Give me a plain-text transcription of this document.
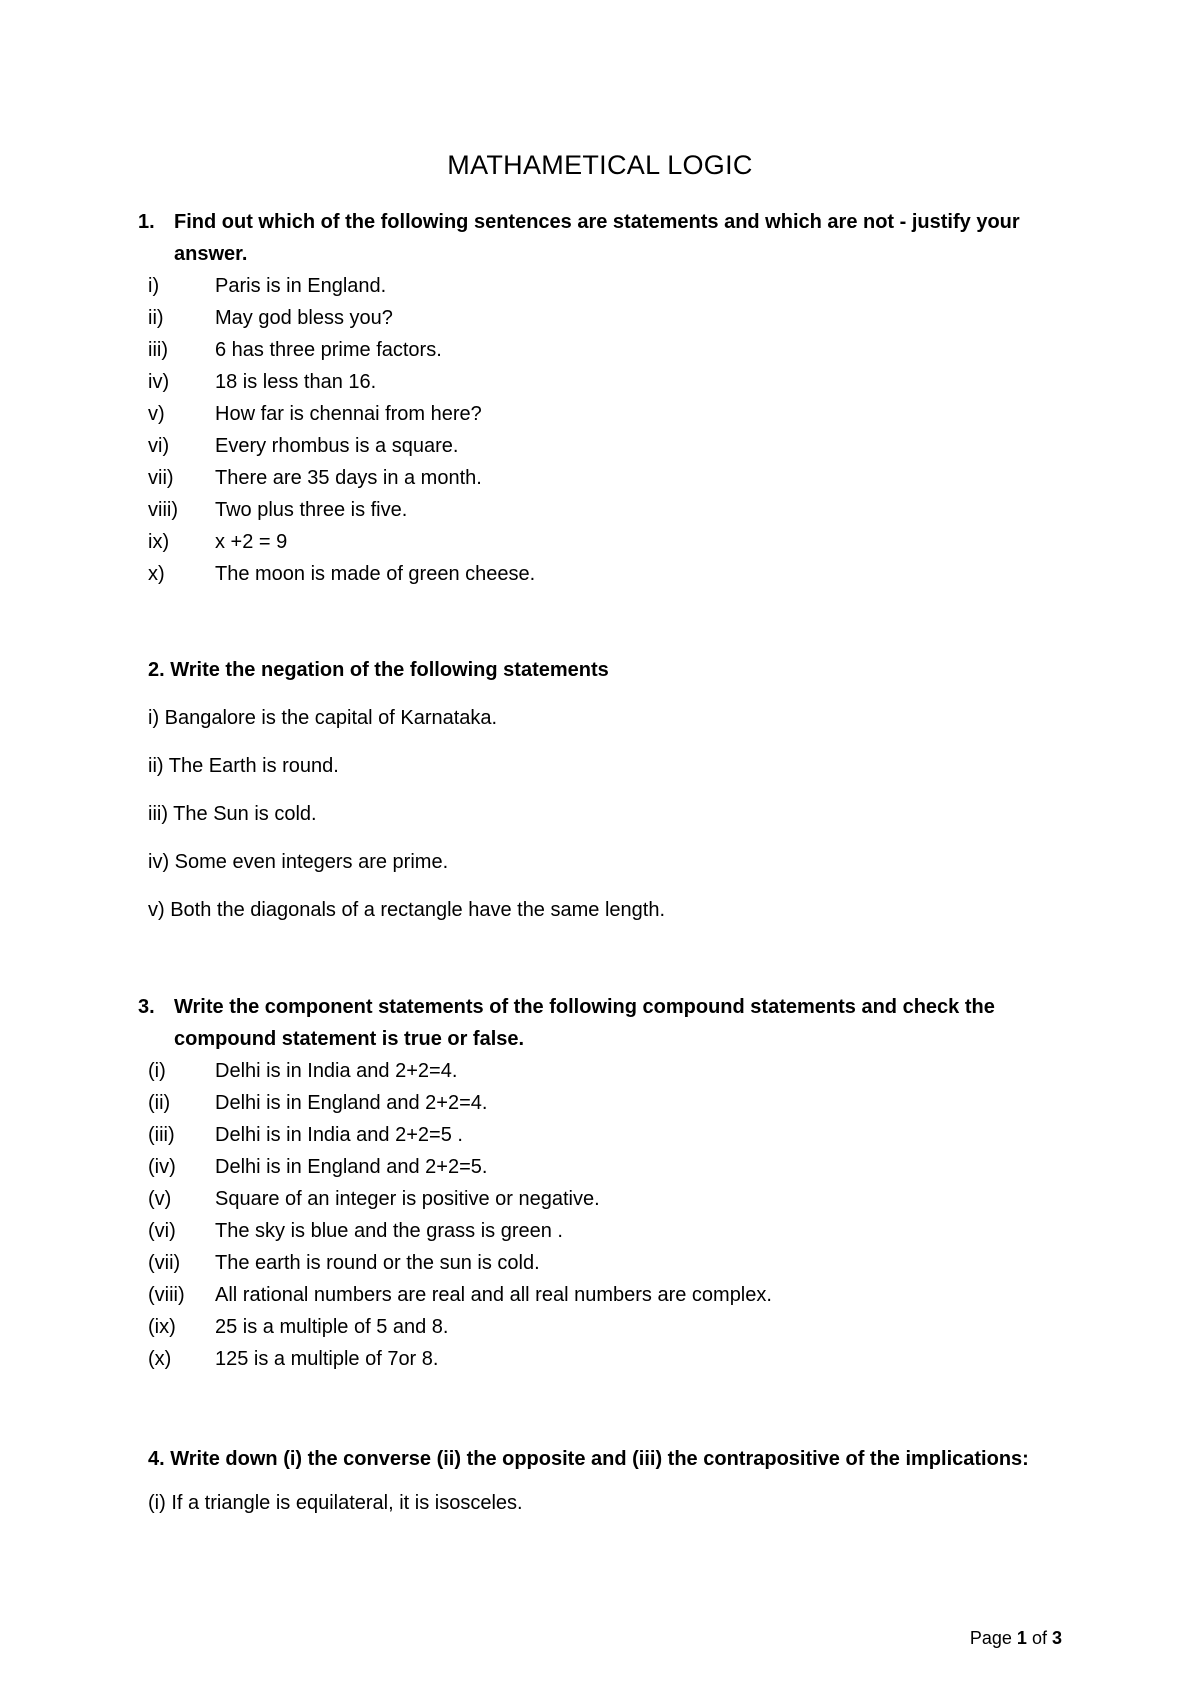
MATHAMETICAL LOGIC
1. Find out which of the following sentences are statements and which are not - justify your answer.
i)	Paris is in England.
ii)	May god bless you?
iii)	6 has three prime factors.
iv)	18 is less than 16.
v)	How far is chennai from here?
vi)	Every rhombus is a square.
vii)	There are 35 days in a month.
viii)	Two plus three is five.
ix)	x +2 = 9
x)	The moon is made of green cheese.
2. Write the negation of the following statements
i) Bangalore is the capital of Karnataka.
ii) The Earth is round.
iii) The Sun is cold.
iv) Some even integers are prime.
v) Both the diagonals of a rectangle have the same length.
3. Write the component statements of the following compound statements and check the compound statement is true or false.
(i)	Delhi is in India and 2+2=4.
(ii)	Delhi is in England and 2+2=4.
(iii)	Delhi is in India and 2+2=5 .
(iv)	Delhi is in England and 2+2=5.
(v)	Square of an integer is positive or negative.
(vi)	The sky is blue and the grass is green .
(vii)	The earth is round or the sun is cold.
(viii)	All rational numbers are real and all real numbers are complex.
(ix)	25 is a multiple of 5 and 8.
(x)	125 is a multiple of 7or 8.
4. Write down (i) the converse (ii) the opposite and (iii) the contrapositive of the implications:
(i) If a triangle is equilateral, it is isosceles.
Page 1 of 3
